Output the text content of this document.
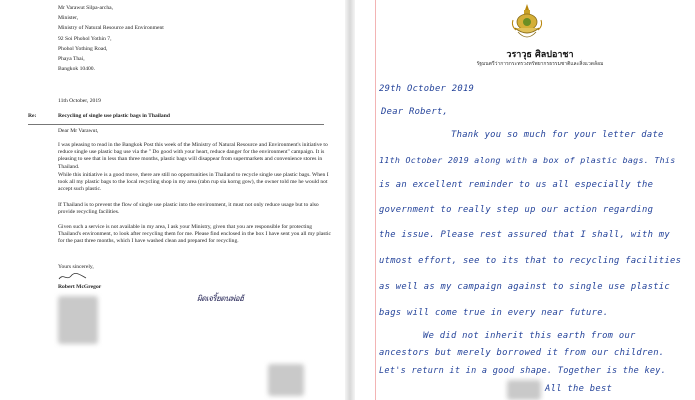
Mr Varawut Silpa-archa,
Minister,
Ministry of Natural Resource and Environment
92 Soi Phohol Yothin 7,
Phohol Yothing Road,
Phaya Thai,
Bangkok 10400.
11th October, 2019
Re:	Recycling of single use plastic bags in Thailand
Dear Mr Varawut,
I was pleasing to read in the Bangkok Post this week of the Ministry of Natural Resource and Environment's initiative to reduce single use plastic bag use via the " Do good with your heart, reduce danger for the environment" campaign. It is pleasing to see that in less than three months, plastic bags will disappear from supermarkets and convenience stores in Thailand.
While this initiative is a good move, there are still no opportunities in Thailand to recycle single use plastic bags. When I took all my plastic bags to the local recycling shop in my area (rabn rup sia korng gow), the owner told me he would not accept such plastic.
If Thailand is to prevent the flow of single use plastic into the environment, it must not only reduce usage but to also provide recycling facilities.
Given such a service is not available in my area, I ask your Ministry, given that you are responsible for protecting Thailand's environment, to look after recycling them for me. Please find enclosed in the box I have sent you all my plastic for the past three months, which I have washed clean and prepared for recycling.
Yours sincerely,
Robert McGregor
ผิดเจริ้ยตนพ่อฮ้
วราวุธ ศิลปอาชา
รัฐมนตรีว่าการกระทรวงทรัพยากรธรรมชาติและสิ่งแวดล้อม
29th October 2019
Dear Robert,
Thank you so much for your letter date
11th October 2019 along with a box of plastic bags. This
is an excellent reminder to us all especially the
government to really step up our action regarding
the issue. Please rest assured that I shall, with my
utmost effort, see to its that to recycling facilities
as well as my campaign against to single use plastic
bags will come true in every near future.
We did not inherit this earth from our
ancestors but merely borrowed it from our children.
Let's return it in a good shape. Together is the key.
All the best
